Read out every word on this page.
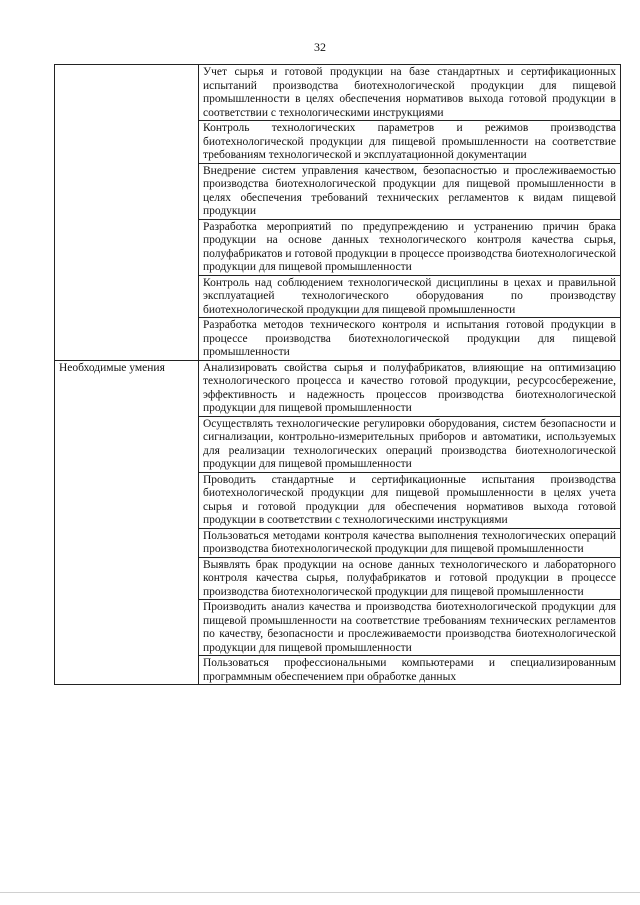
32
	Учет сырья и готовой продукции на базе стандартных и сертификационных испытаний производства биотехнологической продукции для пищевой промышленности в целях обеспечения нормативов выхода готовой продукции в соответствии с технологическими инструкциями
	Контроль технологических параметров и режимов производства биотехнологической продукции для пищевой промышленности на соответствие требованиям технологической и эксплуатационной документации
	Внедрение систем управления качеством, безопасностью и прослеживаемостью производства биотехнологической продукции для пищевой промышленности в целях обеспечения требований технических регламентов к видам пищевой продукции
	Разработка мероприятий по предупреждению и устранению причин брака продукции на основе данных технологического контроля качества сырья, полуфабрикатов и готовой продукции в процессе производства биотехнологической продукции для пищевой промышленности
	Контроль над соблюдением технологической дисциплины в цехах и правильной эксплуатацией технологического оборудования по производству биотехнологической продукции для пищевой промышленности
	Разработка методов технического контроля и испытания готовой продукции в процессе производства биотехнологической продукции для пищевой промышленности
Необходимые умения	Анализировать свойства сырья и полуфабрикатов, влияющие на оптимизацию технологического процесса и качество готовой продукции, ресурсосбережение, эффективность и надежность процессов производства биотехнологической продукции для пищевой промышленности
	Осуществлять технологические регулировки оборудования, систем безопасности и сигнализации, контрольно-измерительных приборов и автоматики, используемых для реализации технологических операций производства биотехнологической продукции для пищевой промышленности
	Проводить стандартные и сертификационные испытания производства биотехнологической продукции для пищевой промышленности в целях учета сырья и готовой продукции для обеспечения нормативов выхода готовой продукции в соответствии с технологическими инструкциями
	Пользоваться методами контроля качества выполнения технологических операций производства биотехнологической продукции для пищевой промышленности
	Выявлять брак продукции на основе данных технологического и лабораторного контроля качества сырья, полуфабрикатов и готовой продукции в процессе производства биотехнологической продукции для пищевой промышленности
	Производить анализ качества и производства биотехнологической продукции для пищевой промышленности на соответствие требованиям технических регламентов по качеству, безопасности и прослеживаемости производства биотехнологической продукции для пищевой промышленности
	Пользоваться профессиональными компьютерами и специализированным программным обеспечением при обработке данных
